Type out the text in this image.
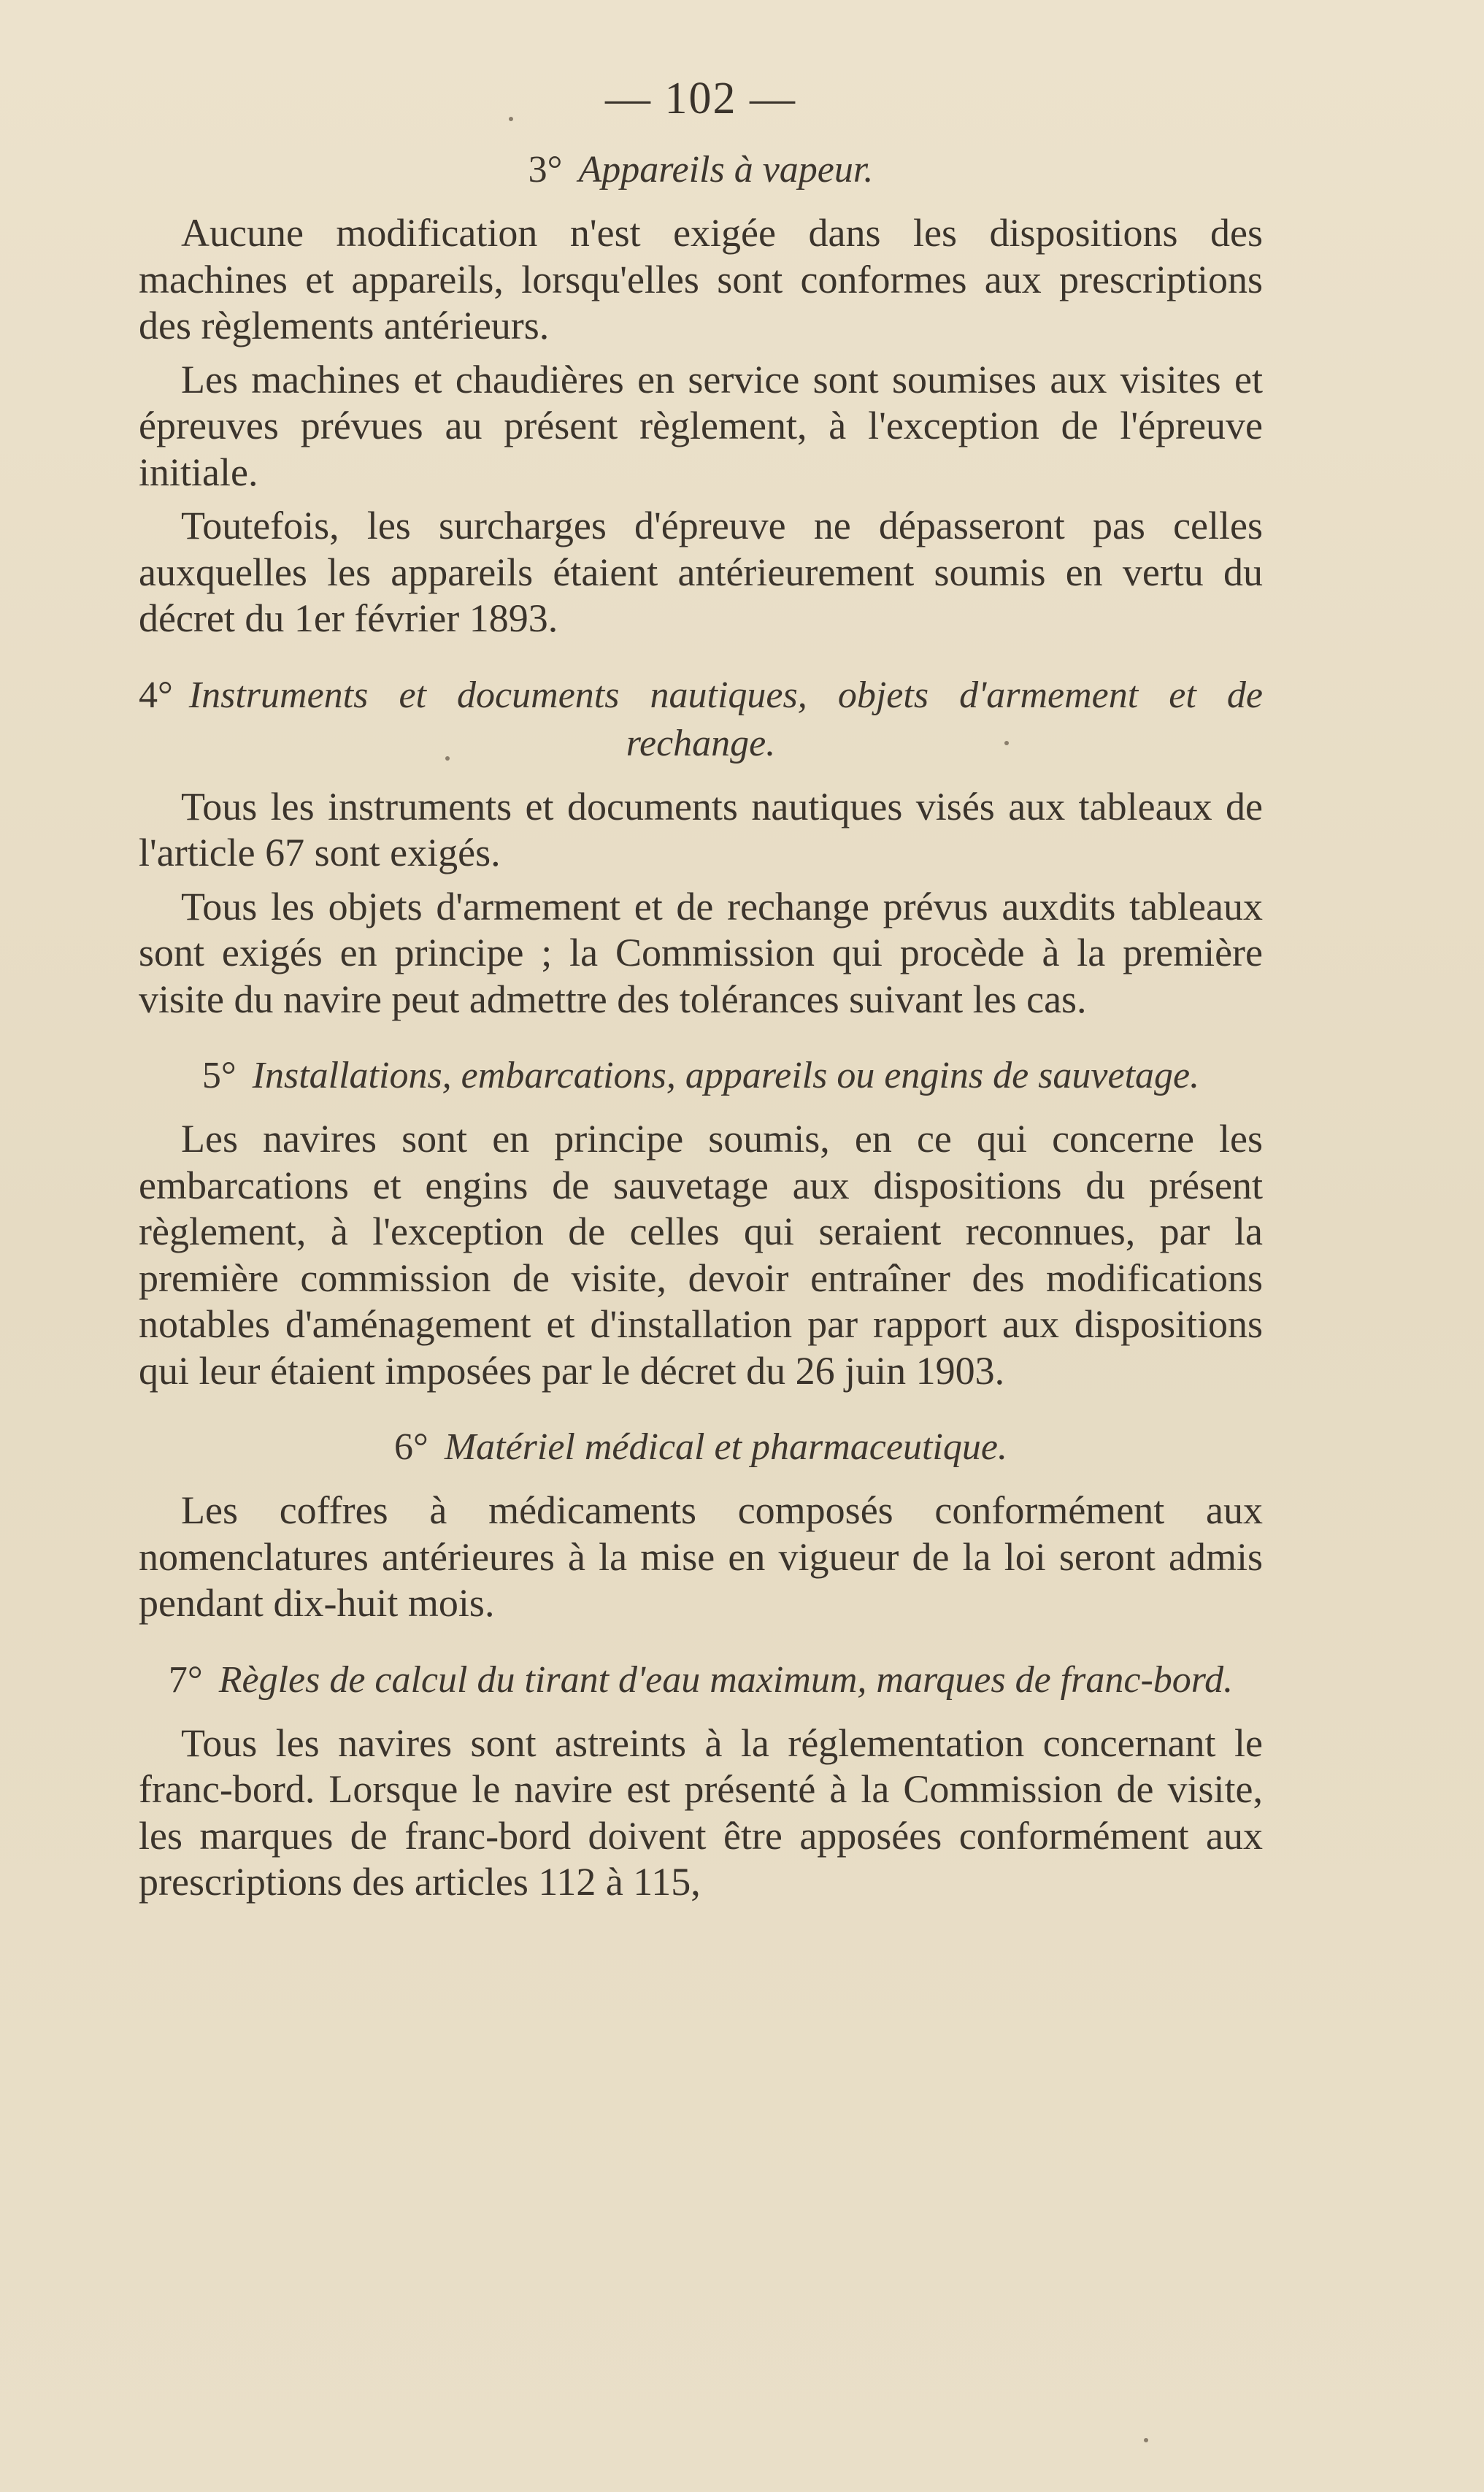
— 102 —
3° Appareils à vapeur.

Aucune modification n'est exigée dans les dispositions des machines et appareils, lorsqu'elles sont conformes aux prescriptions des règlements antérieurs.

Les machines et chaudières en service sont soumises aux visites et épreuves prévues au présent règlement, à l'exception de l'épreuve initiale.

Toutefois, les surcharges d'épreuve ne dépasseront pas celles auxquelles les appareils étaient antérieurement soumis en vertu du décret du 1er février 1893.

4° Instruments et documents nautiques, objets d'armement et de rechange.

Tous les instruments et documents nautiques visés aux tableaux de l'article 67 sont exigés.

Tous les objets d'armement et de rechange prévus auxdits tableaux sont exigés en principe ; la Commission qui procède à la première visite du navire peut admettre des tolérances suivant les cas.

5° Installations, embarcations, appareils ou engins de sauvetage.

Les navires sont en principe soumis, en ce qui concerne les embarcations et engins de sauvetage aux dispositions du présent règlement, à l'exception de celles qui seraient reconnues, par la première commission de visite, devoir entraîner des modifications notables d'aménagement et d'installation par rapport aux dispositions qui leur étaient imposées par le décret du 26 juin 1903.

6° Matériel médical et pharmaceutique.

Les coffres à médicaments composés conformément aux nomenclatures antérieures à la mise en vigueur de la loi seront admis pendant dix-huit mois.

7° Règles de calcul du tirant d'eau maximum, marques de franc-bord.

Tous les navires sont astreints à la réglementation concernant le franc-bord. Lorsque le navire est présenté à la Commission de visite, les marques de franc-bord doivent être apposées conformément aux prescriptions des articles 112 à 115,
